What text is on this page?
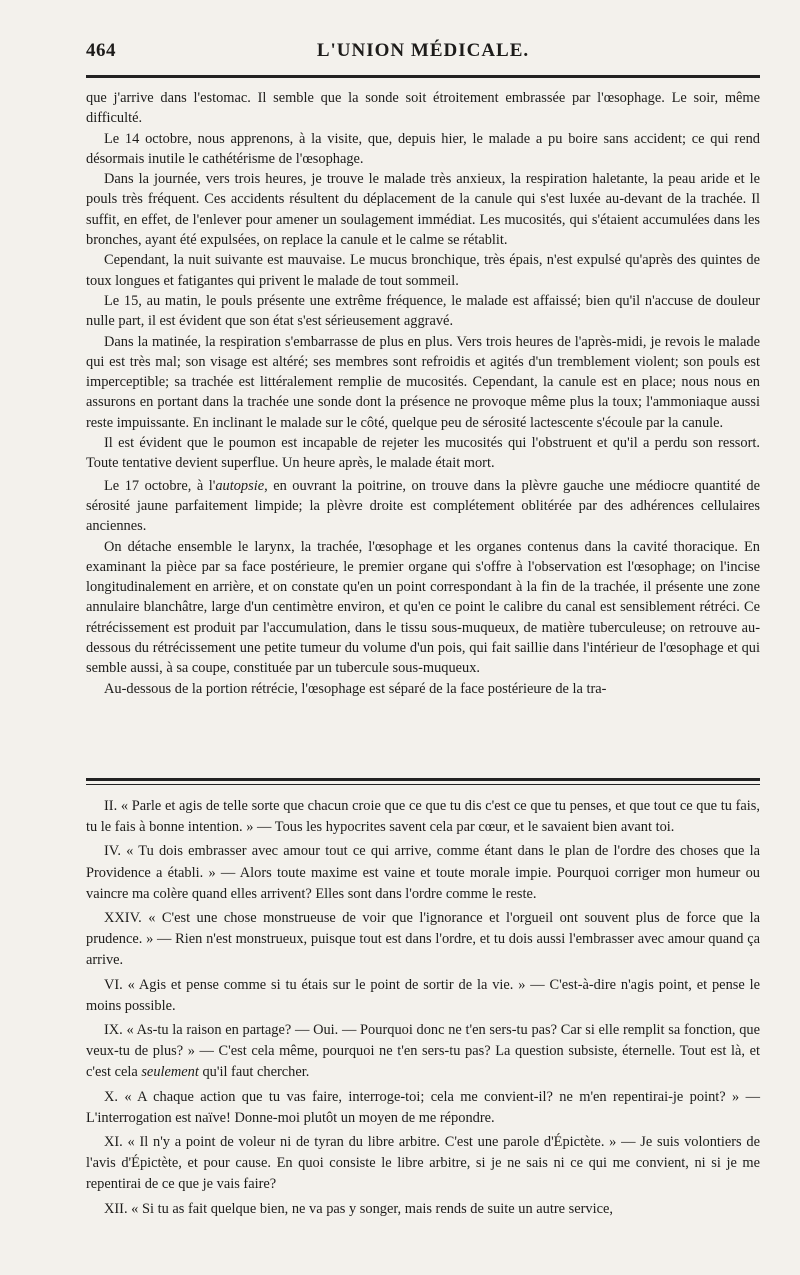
464	L'UNION MÉDICALE.

que j'arrive dans l'estomac. Il semble que la sonde soit étroitement embrassée par l'œsophage. Le soir, même difficulté.

Le 14 octobre, nous apprenons, à la visite, que, depuis hier, le malade a pu boire sans accident; ce qui rend désormais inutile le cathétérisme de l'œsophage.

Dans la journée, vers trois heures, je trouve le malade très anxieux, la respiration haletante, la peau aride et le pouls très fréquent. Ces accidents résultent du déplacement de la canule qui s'est luxée au-devant de la trachée. Il suffit, en effet, de l'enlever pour amener un soulagement immédiat. Les mucosités, qui s'étaient accumulées dans les bronches, ayant été expulsées, on replace la canule et le calme se rétablit.

Cependant, la nuit suivante est mauvaise. Le mucus bronchique, très épais, n'est expulsé qu'après des quintes de toux longues et fatigantes qui privent le malade de tout sommeil.

Le 15, au matin, le pouls présente une extrême fréquence, le malade est affaissé; bien qu'il n'accuse de douleur nulle part, il est évident que son état s'est sérieusement aggravé.

Dans la matinée, la respiration s'embarrasse de plus en plus. Vers trois heures de l'après-midi, je revois le malade qui est très mal; son visage est altéré; ses membres sont refroidis et agités d'un tremblement violent; son pouls est imperceptible; sa trachée est littéralement remplie de mucosités. Cependant, la canule est en place; nous nous en assurons en portant dans la trachée une sonde dont la présence ne provoque même plus la toux; l'ammoniaque aussi reste impuissante. En inclinant le malade sur le côté, quelque peu de sérosité lactescente s'écoule par la canule.

Il est évident que le poumon est incapable de rejeter les mucosités qui l'obstruent et qu'il a perdu son ressort. Toute tentative devient superflue. Un heure après, le malade était mort.

Le 17 octobre, à l'autopsie, en ouvrant la poitrine, on trouve dans la plèvre gauche une médiocre quantité de sérosité jaune parfaitement limpide; la plèvre droite est complétement oblitérée par des adhérences cellulaires anciennes.

On détache ensemble le larynx, la trachée, l'œsophage et les organes contenus dans la cavité thoracique. En examinant la pièce par sa face postérieure, le premier organe qui s'offre à l'observation est l'œsophage; on l'incise longitudinalement en arrière, et on constate qu'en un point correspondant à la fin de la trachée, il présente une zone annulaire blanchâtre, large d'un centimètre environ, et qu'en ce point le calibre du canal est sensiblement rétréci. Ce rétrécissement est produit par l'accumulation, dans le tissu sous-muqueux, de matière tuberculeuse; on retrouve au-dessous du rétrécissement une petite tumeur du volume d'un pois, qui fait saillie dans l'intérieur de l'œsophage et qui semble aussi, à sa coupe, constituée par un tubercule sous-muqueux.

Au-dessous de la portion rétrécie, l'œsophage est séparé de la face postérieure de la tra-

II. « Parle et agis de telle sorte que chacun croie que ce que tu dis c'est ce que tu penses, et que tout ce que tu fais, tu le fais à bonne intention. » — Tous les hypocrites savent cela par cœur, et le savaient bien avant toi.

IV. « Tu dois embrasser avec amour tout ce qui arrive, comme étant dans le plan de l'ordre des choses que la Providence a établi. » — Alors toute maxime est vaine et toute morale impie. Pourquoi corriger mon humeur ou vaincre ma colère quand elles arrivent? Elles sont dans l'ordre comme le reste.

XXIV. « C'est une chose monstrueuse de voir que l'ignorance et l'orgueil ont souvent plus de force que la prudence. » — Rien n'est monstrueux, puisque tout est dans l'ordre, et tu dois aussi l'embrasser avec amour quand ça arrive.

VI. « Agis et pense comme si tu étais sur le point de sortir de la vie. » — C'est-à-dire n'agis point, et pense le moins possible.

IX. « As-tu la raison en partage? — Oui. — Pourquoi donc ne t'en sers-tu pas? Car si elle remplit sa fonction, que veux-tu de plus? » — C'est cela même, pourquoi ne t'en sers-tu pas? La question subsiste, éternelle. Tout est là, et c'est cela seulement qu'il faut chercher.

X. « A chaque action que tu vas faire, interroge-toi; cela me convient-il? ne m'en repentirai-je point? » — L'interrogation est naïve! Donne-moi plutôt un moyen de me répondre.

XI. « Il n'y a point de voleur ni de tyran du libre arbitre. C'est une parole d'Épictète. » — Je suis volontiers de l'avis d'Épictète, et pour cause. En quoi consiste le libre arbitre, si je ne sais ni ce qui me convient, ni si je me repentirai de ce que je vais faire?

XII. « Si tu as fait quelque bien, ne va pas y songer, mais rends de suite un autre service,
